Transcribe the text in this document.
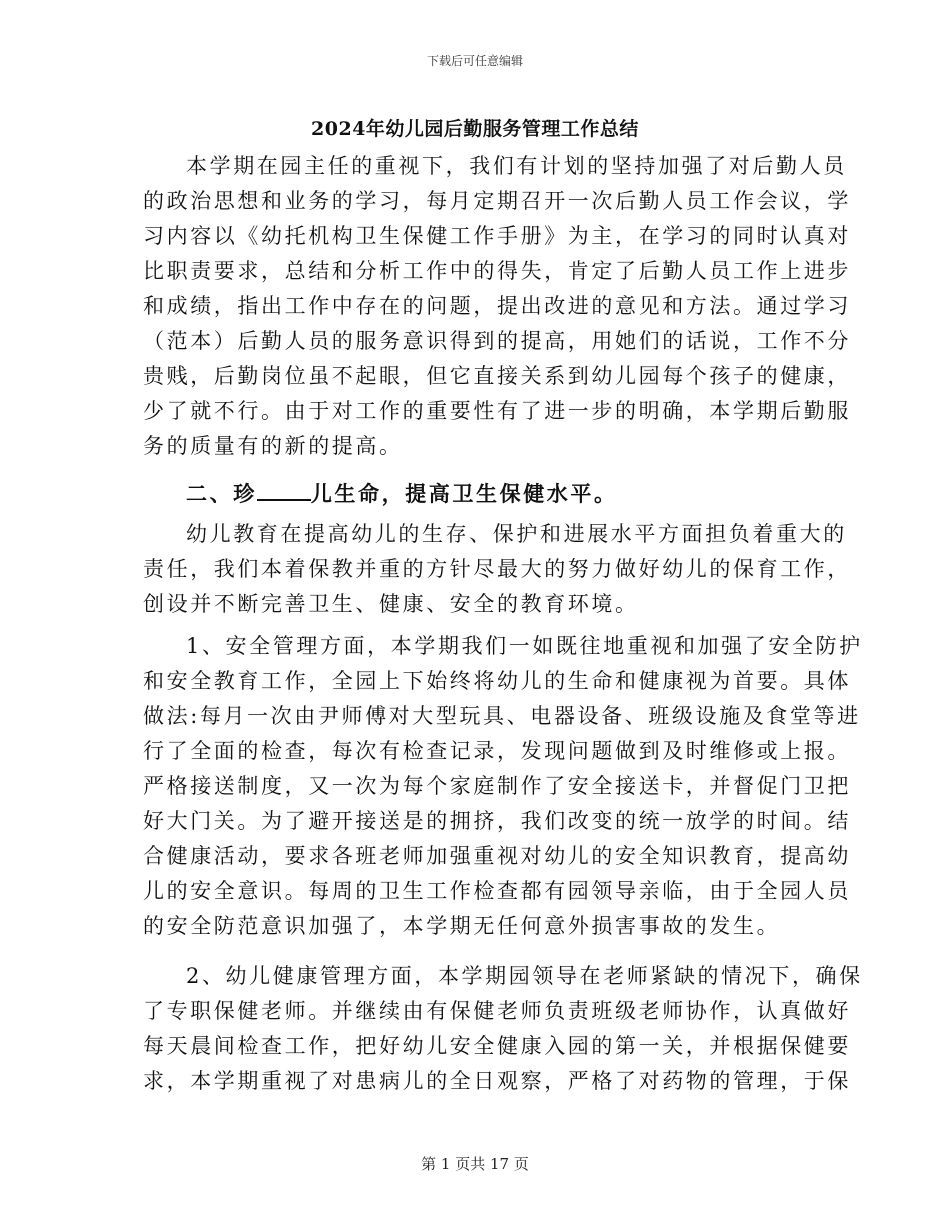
下载后可任意编辑
2024年幼儿园后勤服务管理工作总结
本学期在园主任的重视下，我们有计划的坚持加强了对后勤人员
的政治思想和业务的学习，每月定期召开一次后勤人员工作会议，学
习内容以《幼托机构卫生保健工作手册》为主，在学习的同时认真对
比职责要求，总结和分析工作中的得失，肯定了后勤人员工作上进步
和成绩，指出工作中存在的问题，提出改进的意见和方法。通过学习
（范本）后勤人员的服务意识得到的提高，用她们的话说，工作不分
贵贱，后勤岗位虽不起眼，但它直接关系到幼儿园每个孩子的健康，
少了就不行。由于对工作的重要性有了进一步的明确，本学期后勤服
务的质量有的新的提高。
二、珍	儿生命，提高卫生保健水平。
幼儿教育在提高幼儿的生存、保护和进展水平方面担负着重大的
责任，我们本着保教并重的方针尽最大的努力做好幼儿的保育工作，
创设并不断完善卫生、健康、安全的教育环境。
1、安全管理方面，本学期我们一如既往地重视和加强了安全防护
和安全教育工作，全园上下始终将幼儿的生命和健康视为首要。具体
做法:每月一次由尹师傅对大型玩具、电器设备、班级设施及食堂等进
行了全面的检查，每次有检查记录，发现问题做到及时维修或上报。
严格接送制度，又一次为每个家庭制作了安全接送卡，并督促门卫把
好大门关。为了避开接送是的拥挤，我们改变的统一放学的时间。结
合健康活动，要求各班老师加强重视对幼儿的安全知识教育，提高幼
儿的安全意识。每周的卫生工作检查都有园领导亲临，由于全园人员
的安全防范意识加强了，本学期无任何意外损害事故的发生。
2、幼儿健康管理方面，本学期园领导在老师紧缺的情况下，确保
了专职保健老师。并继续由有保健老师负责班级老师协作，认真做好
每天晨间检查工作，把好幼儿安全健康入园的第一关，并根据保健要
求，本学期重视了对患病儿的全日观察，严格了对药物的管理，于保
第 1 页共 17 页
